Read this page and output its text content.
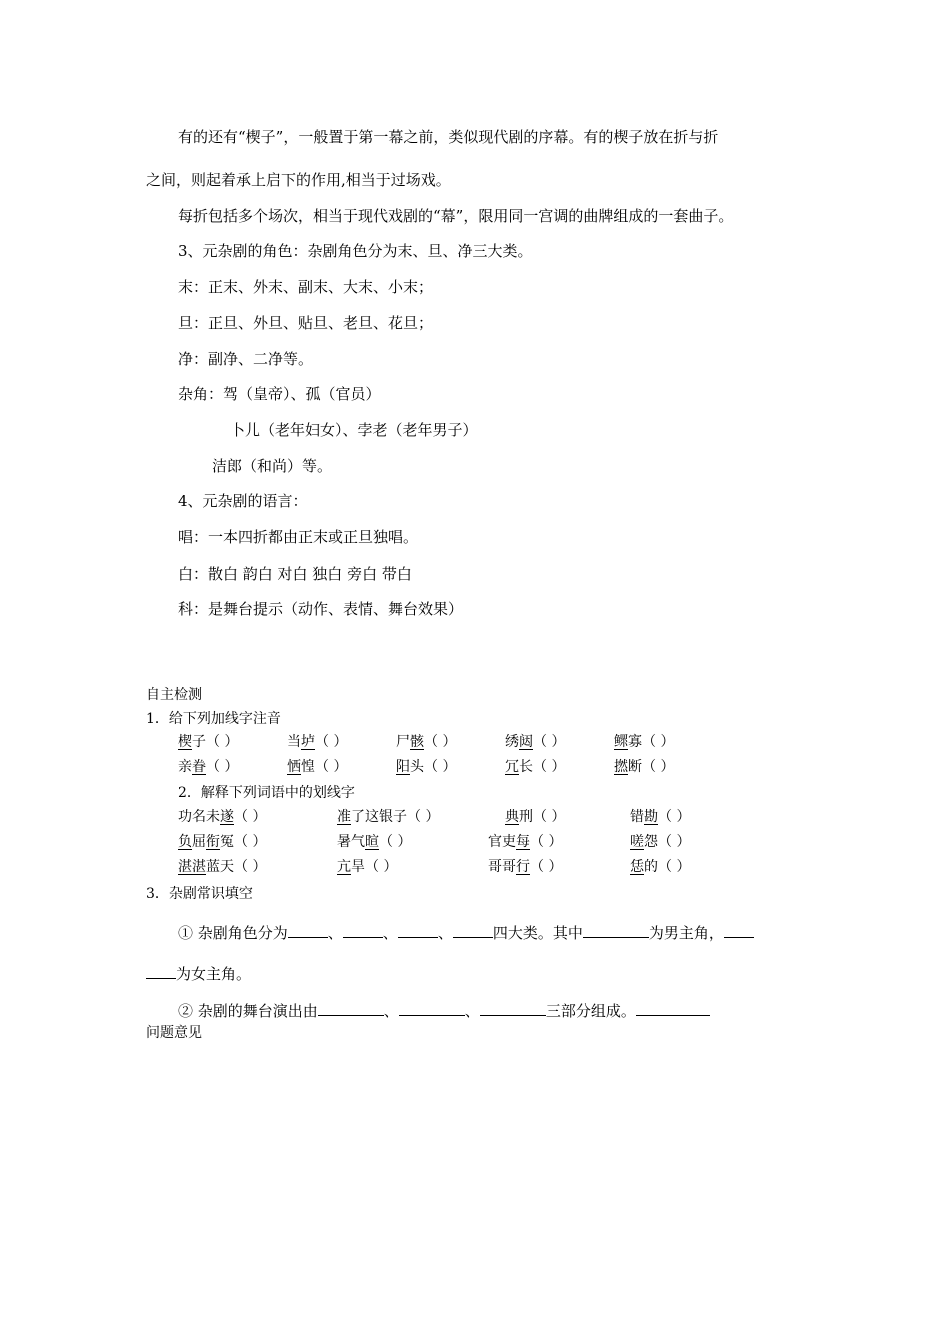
有的还有“楔子”，一般置于第一幕之前，类似现代剧的序幕。有的楔子放在折与折
之间，则起着承上启下的作用,相当于过场戏。
每折包括多个场次，相当于现代戏剧的“幕”，限用同一宫调的曲牌组成的一套曲子。
3、元杂剧的角色：杂剧角色分为末、旦、净三大类。
末：正末、外末、副末、大末、小末；
旦：正旦、外旦、贴旦、老旦、花旦；
净：副净、二净等。
杂角：驾（皇帝）、孤（官员）
卜儿（老年妇女）、孛老（老年男子）
洁郎（和尚）等。
4、元杂剧的语言：
唱：一本四折都由正末或正旦独唱。
白：散白 韵白 对白 独白 旁白 带白
科：是舞台提示（动作、表情、舞台效果）
自主检测
1．给下列加线字注音
楔子（ ）	当垆（ ）	尸骸（ ）	绣闼（ ）	鳏寡（ ）
亲眷（ ）	恓惶（ ）	阳头（ ）	冗长（ ）	撚断（ ）
2．解释下列词语中的划线字
功名未遂（ ）	准了这银子（ ）	典刑（ ）	错勘（ ）
负屈衔冤（ ）	暑气暄（ ）	官吏每（ ）	嗟怨（ ）
湛湛蓝天（ ）	亢旱（ ）	哥哥行（ ）	恁的（ ）
3．杂剧常识填空
① 杂剧角色分为	、	、	、	四大类。其中	为男主角，
为女主角。
② 杂剧的舞台演出由	、	、	三部分组成。
问题意见
